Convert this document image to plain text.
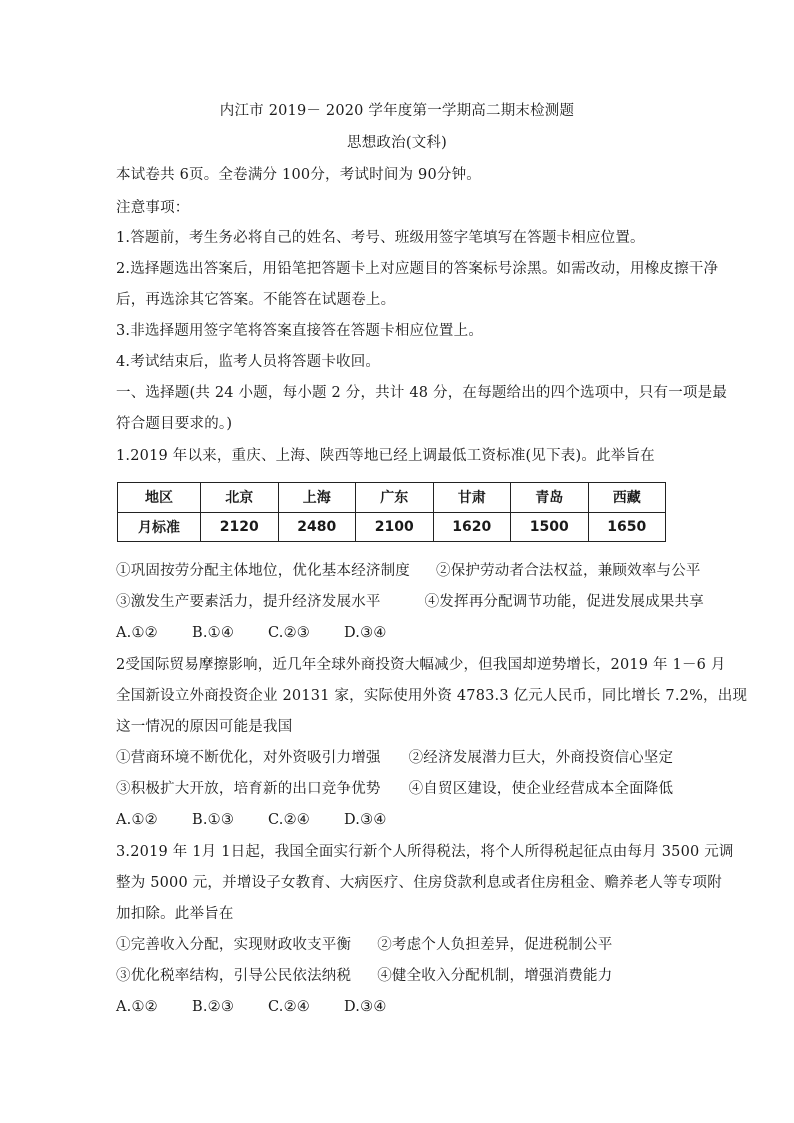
内江市 2019－ 2020 学年度第一学期高二期末检测题
思想政治(文科)
本试卷共 6页。全卷满分 100分，考试时间为 90分钟。
注意事项：
1.答题前，考生务必将自己的姓名、考号、班级用签字笔填写在答题卡相应位置。
2.选择题选出答案后，用铅笔把答题卡上对应题目的答案标号涂黑。如需改动，用橡皮擦干净
后，再选涂其它答案。不能答在试题卷上。
3.非选择题用签字笔将答案直接答在答题卡相应位置上。
4.考试结束后，监考人员将答题卡收回。
一、选择题(共 24 小题，每小题 2 分，共计 48 分，在每题给出的四个选项中，只有一项是最
符合题目要求的。)
1.2019 年以来，重庆、上海、陕西等地已经上调最低工资标准(见下表)。此举旨在
地区	北京	上海	广东	甘肃	青岛	西藏
月标准	2120	2480	2100	1620	1500	1650
①巩固按劳分配主体地位，优化基本经济制度 ②保护劳动者合法权益，兼顾效率与公平
③激发生产要素活力，提升经济发展水平	④发挥再分配调节功能，促进发展成果共享
A.①② B.①④ C.②③ D.③④
2受国际贸易摩擦影响，近几年全球外商投资大幅减少，但我国却逆势增长，2019 年 1－6 月
全国新设立外商投资企业 20131 家，实际使用外资 4783.3 亿元人民币，同比增长 7.2%，出现
这一情况的原因可能是我国
①营商环境不断优化，对外资吸引力增强 ②经济发展潜力巨大，外商投资信心坚定
③积极扩大开放，培育新的出口竞争优势 ④自贸区建设，使企业经营成本全面降低
A.①② B.①③ C.②④ D.③④
3.2019 年 1月 1日起，我国全面实行新个人所得税法，将个人所得税起征点由每月 3500 元调
整为 5000 元，并增设子女教育、大病医疗、住房贷款利息或者住房租金、赡养老人等专项附
加扣除。此举旨在
①完善收入分配，实现财政收支平衡 ②考虑个人负担差异，促进税制公平
③优化税率结构，引导公民依法纳税 ④健全收入分配机制，增强消费能力
A.①② B.②③ C.②④ D.③④
